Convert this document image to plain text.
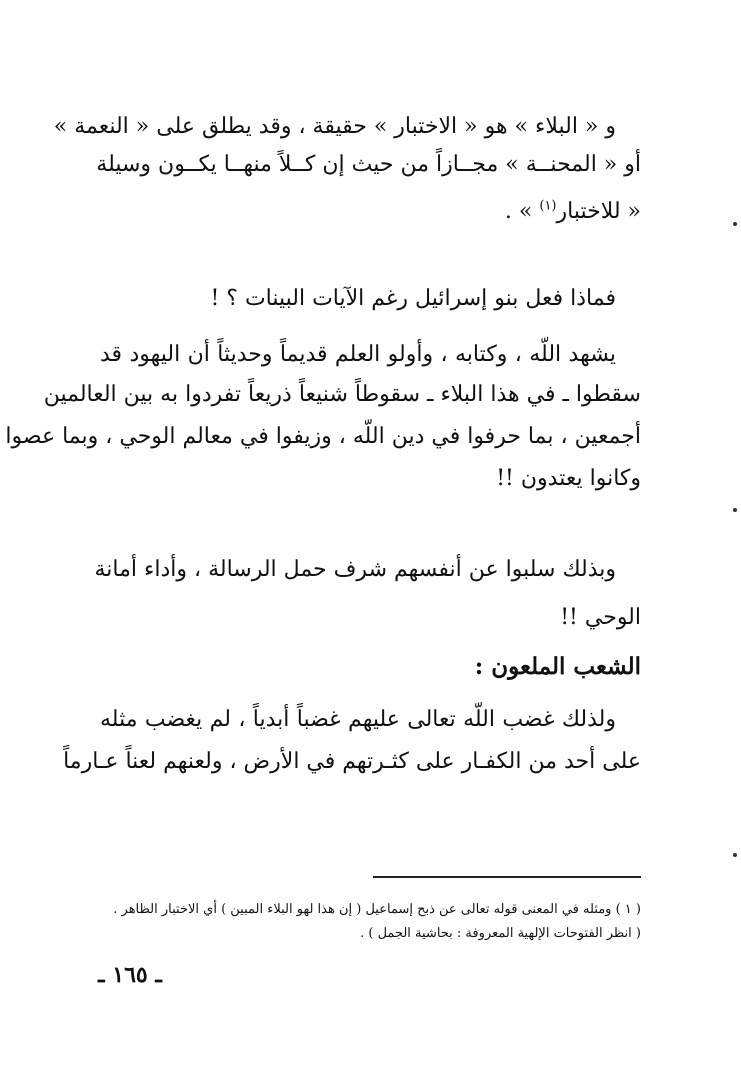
و « البلاء » هو « الاختبار » حقيقة ، وقد يطلق على « النعمة »
أو « المحنــة » مجــازاً من حيث إن كــلاً منهــا يكــون وسيلة
« للاختبار$^{(١)}$ » .
فماذا فعل بنو إسرائيل رغم الآيات البينات ؟ !
يشهد اللّه ، وكتابه ، وأولو العلم قديماً وحديثاً أن اليهود قد
سقطوا ـ في هذا البلاء ـ سقوطاً شنيعاً ذريعاً تفردوا به بين العالمين
أجمعين ، بما حرفوا في دين اللّه ، وزيفوا في معالم الوحي ، وبما عصوا
وكانوا يعتدون !!
وبذلك سلبوا عن أنفسهم شرف حمل الرسالة ، وأداء أمانة
الوحي !!
الشعب الملعون :
ولذلك غضب اللّه تعالى عليهم غضباً أبدياً ، لم يغضب مثله
على أحد من الكفـار على كثـرتهم في الأرض ، ولعنهم لعناً عـارماً
( ١ ) ومثله في المعنى قوله تعالى عن ذبح إسماعيل ( إن هذا لهو البلاء المبين ) أي الاختبار الظاهر .
( انظر الفتوحات الإلهية المعروفة : بحاشية الجمل ) .
ـ ١٦٥ ـ
